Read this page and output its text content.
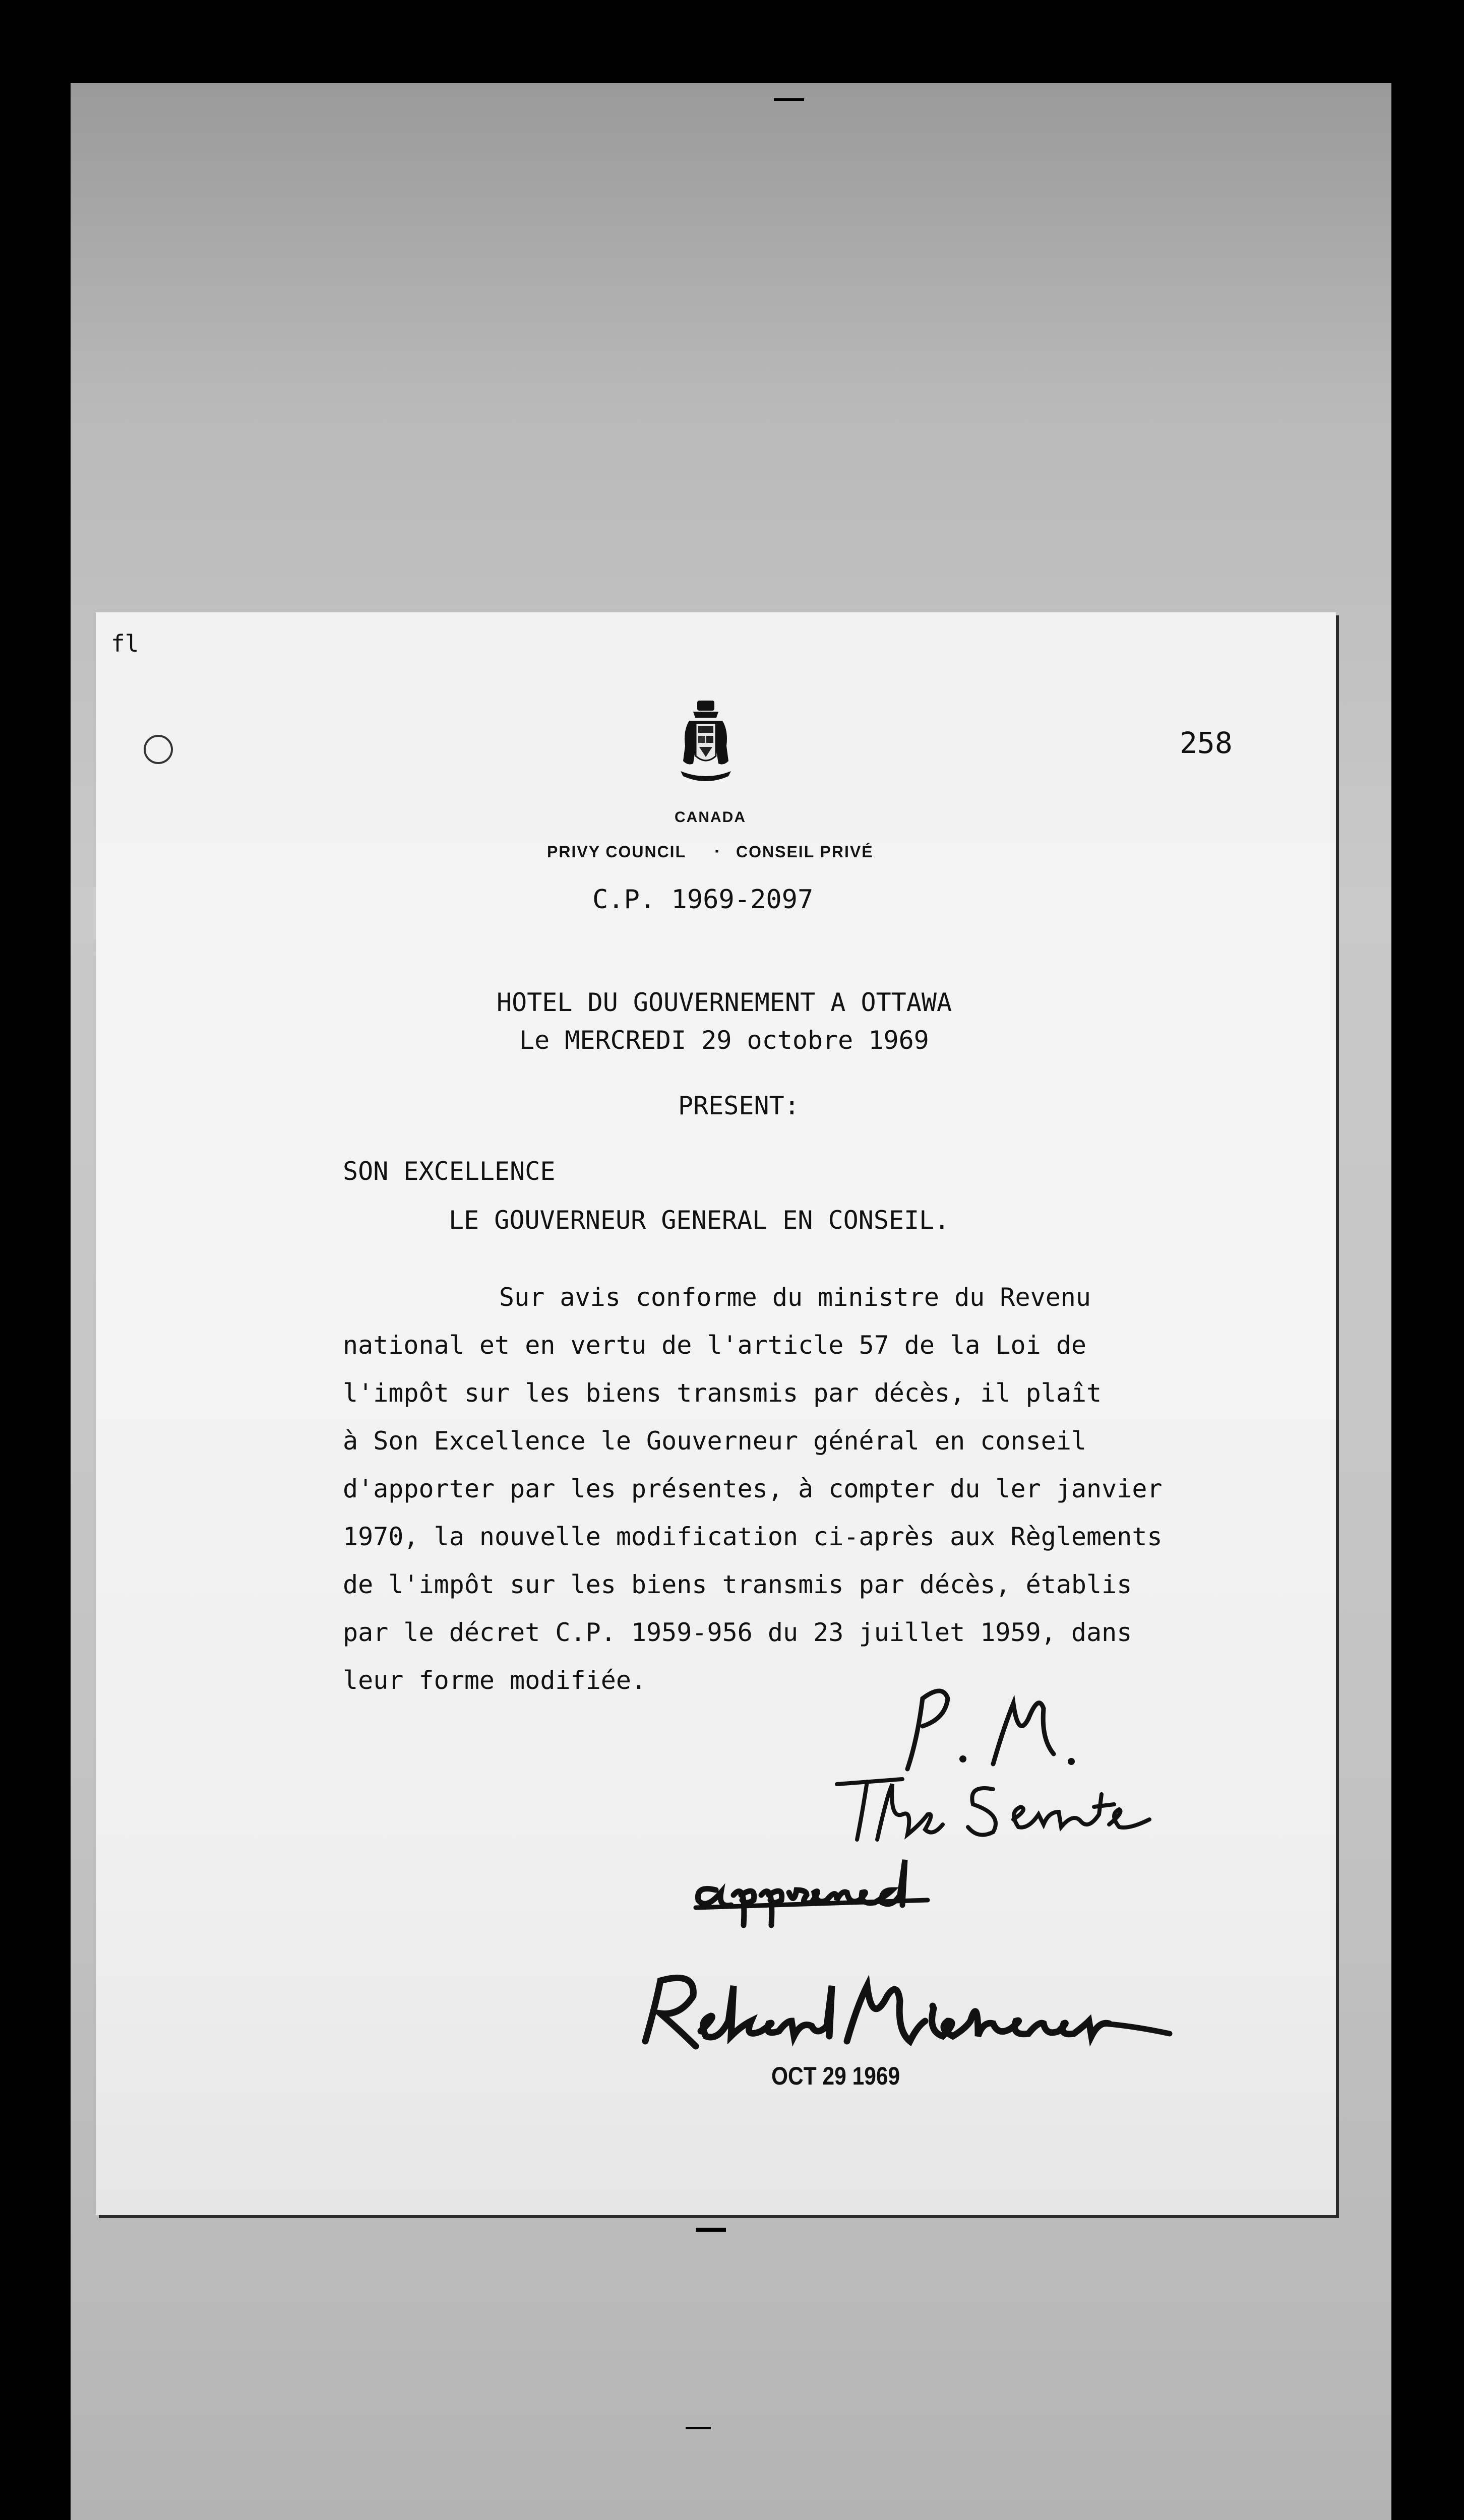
fl
258
CANADA
PRIVY COUNCIL · CONSEIL PRIVÉ
C.P. 1969-2097
HOTEL DU GOUVERNEMENT A OTTAWA
Le MERCREDI 29 octobre 1969
PRESENT:
SON EXCELLENCE
LE GOUVERNEUR GENERAL EN CONSEIL.
Sur avis conforme du ministre du Revenu
national et en vertu de l'article 57 de la Loi de
l'impôt sur les biens transmis par décès, il plaît
à Son Excellence le Gouverneur général en conseil
d'apporter par les présentes, à compter du ler janvier
1970, la nouvelle modification ci-après aux Règlements
de l'impôt sur les biens transmis par décès, établis
par le décret C.P. 1959-956 du 23 juillet 1959, dans
leur forme modifiée.
OCT 29 1969
